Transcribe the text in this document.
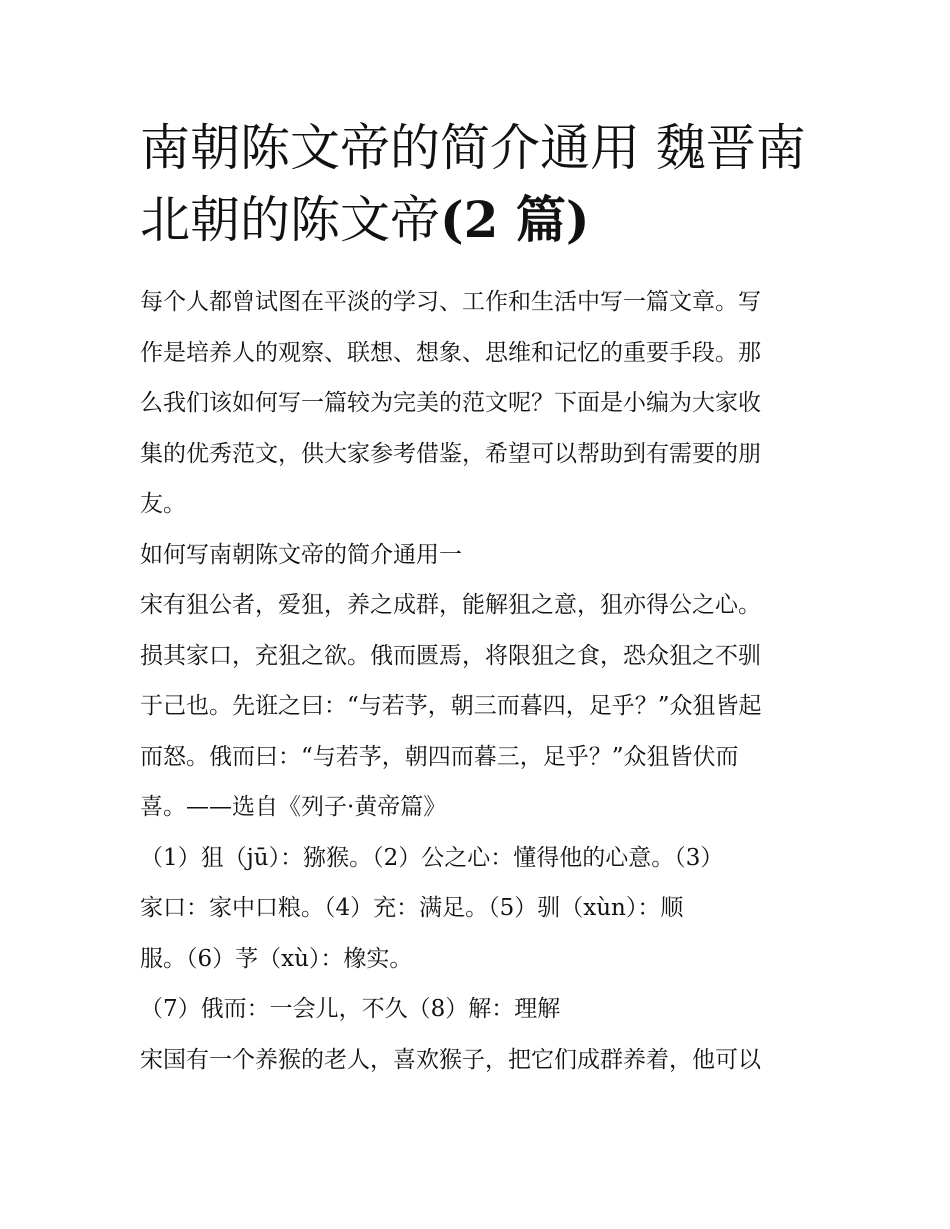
南朝陈文帝的简介通用 魏晋南北朝的陈文帝(2 篇)

每个人都曾试图在平淡的学习、工作和生活中写一篇文章。写
作是培养人的观察、联想、想象、思维和记忆的重要手段。那
么我们该如何写一篇较为完美的范文呢？下面是小编为大家收
集的优秀范文，供大家参考借鉴，希望可以帮助到有需要的朋
友。

如何写南朝陈文帝的简介通用一

宋有狙公者，爱狙，养之成群，能解狙之意，狙亦得公之心。
损其家口，充狙之欲。俄而匮焉，将限狙之食，恐众狙之不驯
于己也。先诳之曰：“与若芧，朝三而暮四，足乎？”众狙皆起
而怒。俄而曰：“与若芧，朝四而暮三，足乎？”众狙皆伏而
喜。——选自《列子·黄帝篇》

（1）狙（jū）：猕猴。（2）公之心：懂得他的心意。（3）
家口：家中口粮。（4）充：满足。（5）驯（xùn）：顺
服。（6）芧（xù）：橡实。

（7）俄而：一会儿，不久（8）解：理解

宋国有一个养猴的老人，喜欢猴子，把它们成群养着，他可以
